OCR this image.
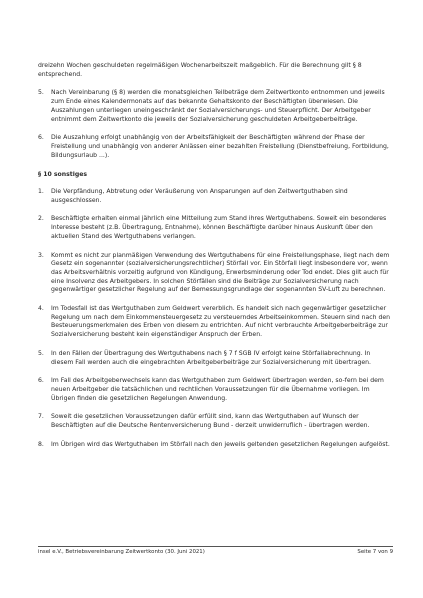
dreizehn Wochen geschuldeten regelmäßigen Wochenarbeitszeit maßgeblich. Für die Berechnung gilt § 8 entsprechend.

5. Nach Vereinbarung (§ 8) werden die monatsgleichen Teilbeträge dem Zeitwertkonto entnommen und jeweils zum Ende eines Kalendermonats auf das bekannte Gehaltskonto der Beschäftigten überwiesen. Die Auszahlungen unterliegen uneingeschränkt der Sozialversicherungs- und Steuerpflicht. Der Arbeitgeber entnimmt dem Zeitwertkonto die jeweils der Sozialversicherung geschuldeten Arbeitgeberbeiträge.
6. Die Auszahlung erfolgt unabhängig von der Arbeitsfähigkeit der Beschäftigten während der Phase der Freistellung und unabhängig von anderer Anlässen einer bezahlten Freistellung (Dienstbefreiung, Fortbildung, Bildungsurlaub ...).
§ 10 sonstiges
1. Die Verpfändung, Abtretung oder Veräußerung von Ansparungen auf den Zeitwertguthaben sind ausgeschlossen.
2. Beschäftigte erhalten einmal jährlich eine Mitteilung zum Stand ihres Wertguthabens. Soweit ein besonderes Interesse besteht (z.B. Übertragung, Entnahme), können Beschäftigte darüber hinaus Auskunft über den aktuellen Stand des Wertguthabens verlangen.
3. Kommt es nicht zur planmäßigen Verwendung des Wertguthabens für eine Freistellungsphase, liegt nach dem Gesetz ein sogenannter (sozialversicherungsrechtlicher) Störfall vor. Ein Störfall liegt insbesondere vor, wenn das Arbeitsverhältnis vorzeitig aufgrund von Kündigung, Erwerbsminderung oder Tod endet. Dies gilt auch für eine Insolvenz des Arbeitgebers. In solchen Störfällen sind die Beiträge zur Sozialversicherung nach gegenwärtiger gesetzlicher Regelung auf der Bemessungsgrundlage der sogenannten SV-Luft zu berechnen.
4. Im Todesfall ist das Wertguthaben zum Geldwert vererblich. Es handelt sich nach gegenwärtiger gesetzlicher Regelung um nach dem Einkommensteuergesetz zu versteuerndes Arbeitseinkommen. Steuern sind nach den Besteuerungsmerkmalen des Erben von diesem zu entrichten. Auf nicht verbrauchte Arbeitgeberbeiträge zur Sozialversicherung besteht kein eigenständiger Anspruch der Erben.
5. In den Fällen der Übertragung des Wertguthabens nach § 7 f SGB IV erfolgt keine Störfallabrechnung. In diesem Fall werden auch die eingebrachten Arbeitgeberbeiträge zur Sozialversicherung mit übertragen.
6. Im Fall des Arbeitgeberwechsels kann das Wertguthaben zum Geldwert übertragen werden, so-fern bei dem neuen Arbeitgeber die tatsächlichen und rechtlichen Voraussetzungen für die Übernahme vorliegen. Im Übrigen finden die gesetzlichen Regelungen Anwendung.
7. Soweit die gesetzlichen Voraussetzungen dafür erfüllt sind, kann das Wertguthaben auf Wunsch der Beschäftigten auf die Deutsche Rentenversicherung Bund - derzeit unwiderruflich - übertragen werden.
8. Im Übrigen wird das Wertguthaben im Störfall nach den jeweils geltenden gesetzlichen Regelungen aufgelöst.
insel e.V., Betriebsvereinbarung Zeitwertkonto (30. Juni 2021)	Seite 7 von 9
